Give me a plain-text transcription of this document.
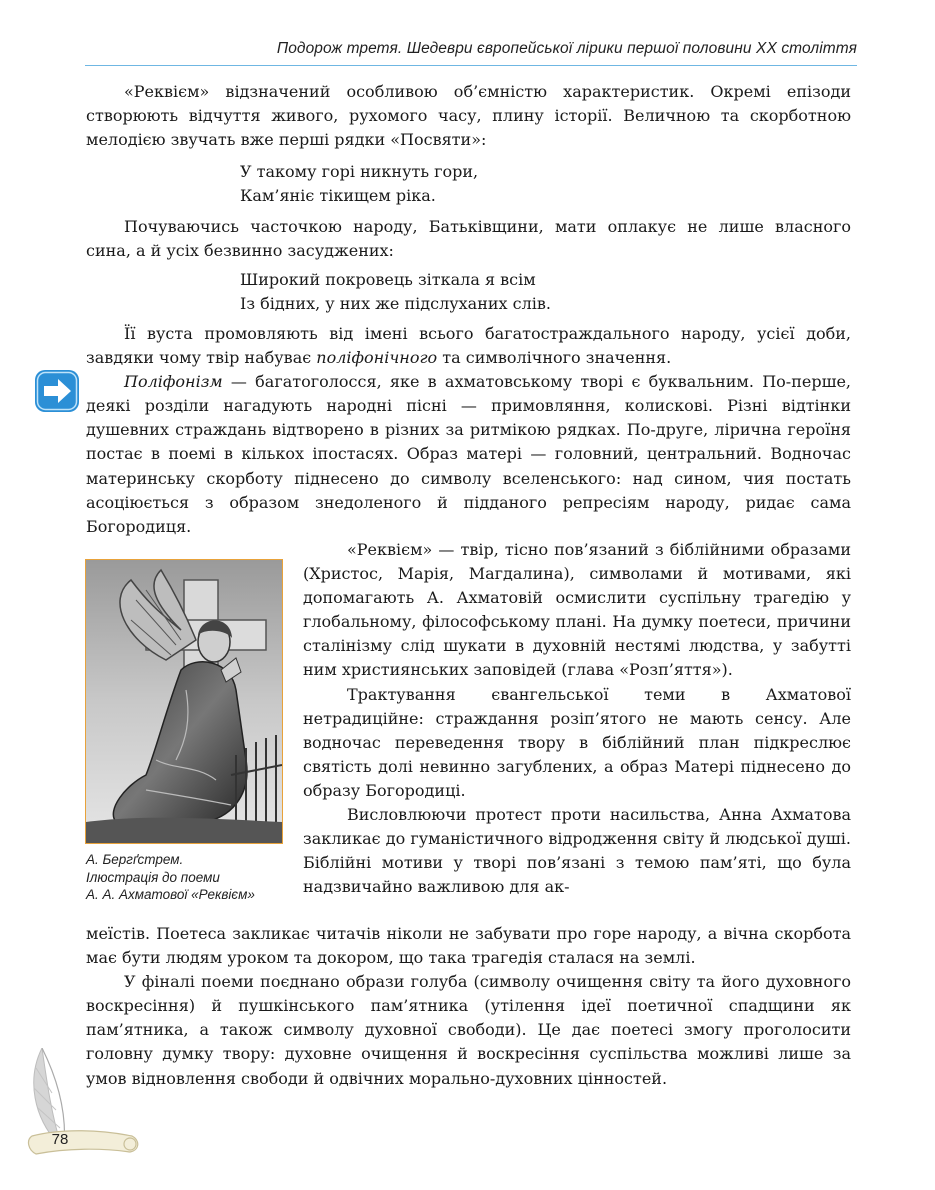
Подорож третя. Шедеври європейської лірики першої половини XX століття

«Реквієм» відзначений особливою об’ємністю характеристик. Окремі епізоди створюють відчуття живого, рухомого часу, плину історії. Величною та скорботною мелодією звучать вже перші рядки «Посвяти»:

У такому горі никнуть гори,
Кам’яніє тікищем ріка.

Почуваючись часточкою народу, Батьківщини, мати оплакує не лише власного сина, а й усіх безвинно засуджених:

Широкий покровець зіткала я всім
Із бідних, у них же підслуханих слів.

Її вуста промовляють від імені всього багатостраждального народу, усієї доби, завдяки чому твір набуває поліфонічного та символічного значення.

Поліфонізм — багатоголосся, яке в ахматовському творі є буквальним. По-перше, деякі розділи нагадують народні пісні — примовляння, колискові. Різні відтінки душевних страждань відтворено в різних за ритмікою рядках. По-друге, лірична героїня постає в поемі в кількох іпостасях. Образ матері — головний, центральний. Водночас материнську скорботу піднесено до символу вселенського: над сином, чия постать асоціюється з образом знедоленого й підданого репресіям народу, ридає сама Богородиця.

А. Бергґстрем.
Ілюстрація до поеми
А. А. Ахматової «Реквієм»

«Реквієм» — твір, тісно пов’язаний з біблійними образами (Христос, Марія, Магдалина), символами й мотивами, які допомагають А. Ахматовій осмислити суспільну трагедію у глобальному, філософському плані. На думку поетеси, причини сталінізму слід шукати в духовній нестямі людства, у забутті ним християнських заповідей (глава «Розп’яття»).

Трактування євангельської теми в Ахматової нетрадиційне: страждання розіп’ятого не мають сенсу. Але водночас переведення твору в біблійний план підкреслює святість долі невинно загублених, а образ Матері піднесено до образу Богородиці.

Висловлюючи протест проти насильства, Анна Ахматова закликає до гуманістичного відродження світу й людської душі. Біблійні мотиви у творі пов’язані з темою пам’яті, що була надзвичайно важливою для ак-

меїстів. Поетеса закликає читачів ніколи не забувати про горе народу, а вічна скорбота має бути людям уроком та докором, що така трагедія сталася на землі.

У фіналі поеми поєднано образи голуба (символу очищення світу та його духовного воскресіння) й пушкінського пам’ятника (утілення ідеї поетичної спадщини як пам’ятника, а також символу духовної свободи). Це дає поетесі змогу проголосити головну думку твору: духовне очищення й воскресіння суспільства можливі лише за умов відновлення свободи й одвічних морально-духовних цінностей.

78
